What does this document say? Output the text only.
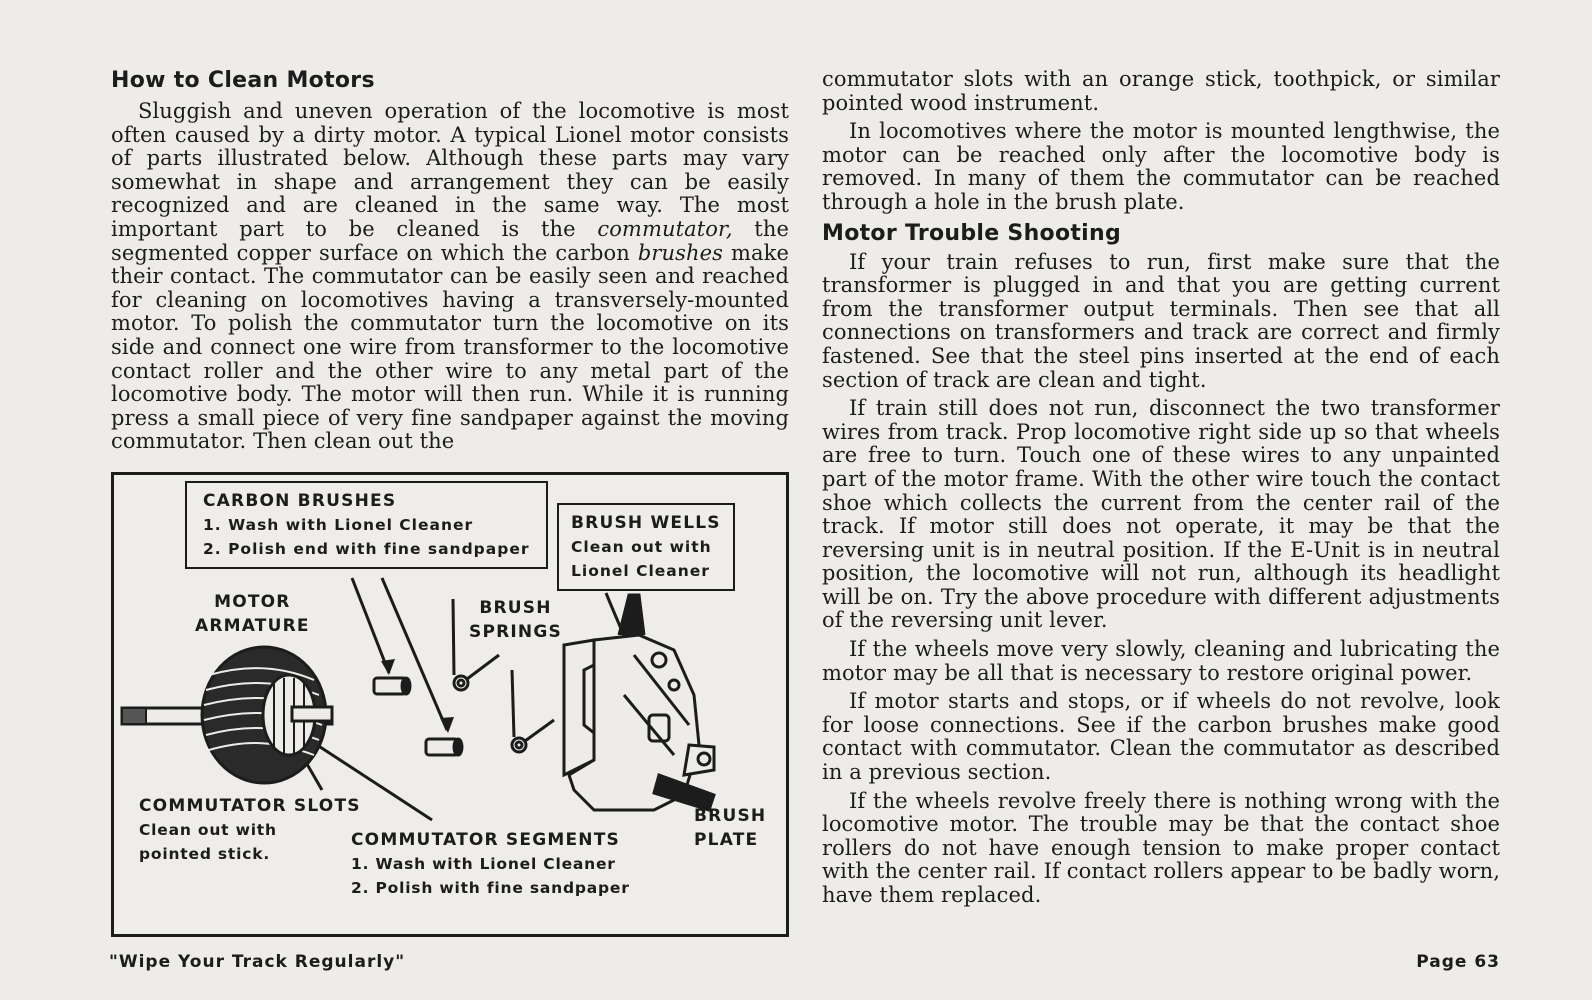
How to Clean Motors

Sluggish and uneven operation of the locomotive is most often caused by a dirty motor. A typical Lionel motor consists of parts illustrated below. Although these parts may vary somewhat in shape and arrangement they can be easily recognized and are cleaned in the same way. The most important part to be cleaned is the commutator, the segmented copper surface on which the carbon brushes make their contact. The commutator can be easily seen and reached for cleaning on locomotives having a transversely-mounted motor. To polish the commutator turn the locomotive on its side and connect one wire from transformer to the locomotive contact roller and the other wire to any metal part of the locomotive body. The motor will then run. While it is running press a small piece of very fine sandpaper against the moving commutator. Then clean out the

CARBON BRUSHES
1. Wash with Lionel Cleaner
2. Polish end with fine sandpaper
BRUSH WELLS
Clean out with
Lionel Cleaner
MOTOR
ARMATURE
BRUSH
SPRINGS
COMMUTATOR SLOTS
Clean out with
pointed stick.
COMMUTATOR SEGMENTS
1. Wash with Lionel Cleaner
2. Polish with fine sandpaper
BRUSH
PLATE

commutator slots with an orange stick, toothpick, or similar pointed wood instrument.

In locomotives where the motor is mounted lengthwise, the motor can be reached only after the locomotive body is removed. In many of them the commutator can be reached through a hole in the brush plate.

Motor Trouble Shooting

If your train refuses to run, first make sure that the transformer is plugged in and that you are getting current from the transformer output terminals. Then see that all connections on transformers and track are correct and firmly fastened. See that the steel pins inserted at the end of each section of track are clean and tight.

If train still does not run, disconnect the two transformer wires from track. Prop locomotive right side up so that wheels are free to turn. Touch one of these wires to any unpainted part of the motor frame. With the other wire touch the contact shoe which collects the current from the center rail of the track. If motor still does not operate, it may be that the reversing unit is in neutral position. If the E-Unit is in neutral position, the locomotive will not run, although its headlight will be on. Try the above procedure with different adjustments of the reversing unit lever.

If the wheels move very slowly, cleaning and lubricating the motor may be all that is necessary to restore original power.

If motor starts and stops, or if wheels do not revolve, look for loose connections. See if the carbon brushes make good contact with commutator. Clean the commutator as described in a previous section.

If the wheels revolve freely there is nothing wrong with the locomotive motor. The trouble may be that the contact shoe rollers do not have enough tension to make proper contact with the center rail. If contact rollers appear to be badly worn, have them replaced.

"Wipe Your Track Regularly"	Page 63
